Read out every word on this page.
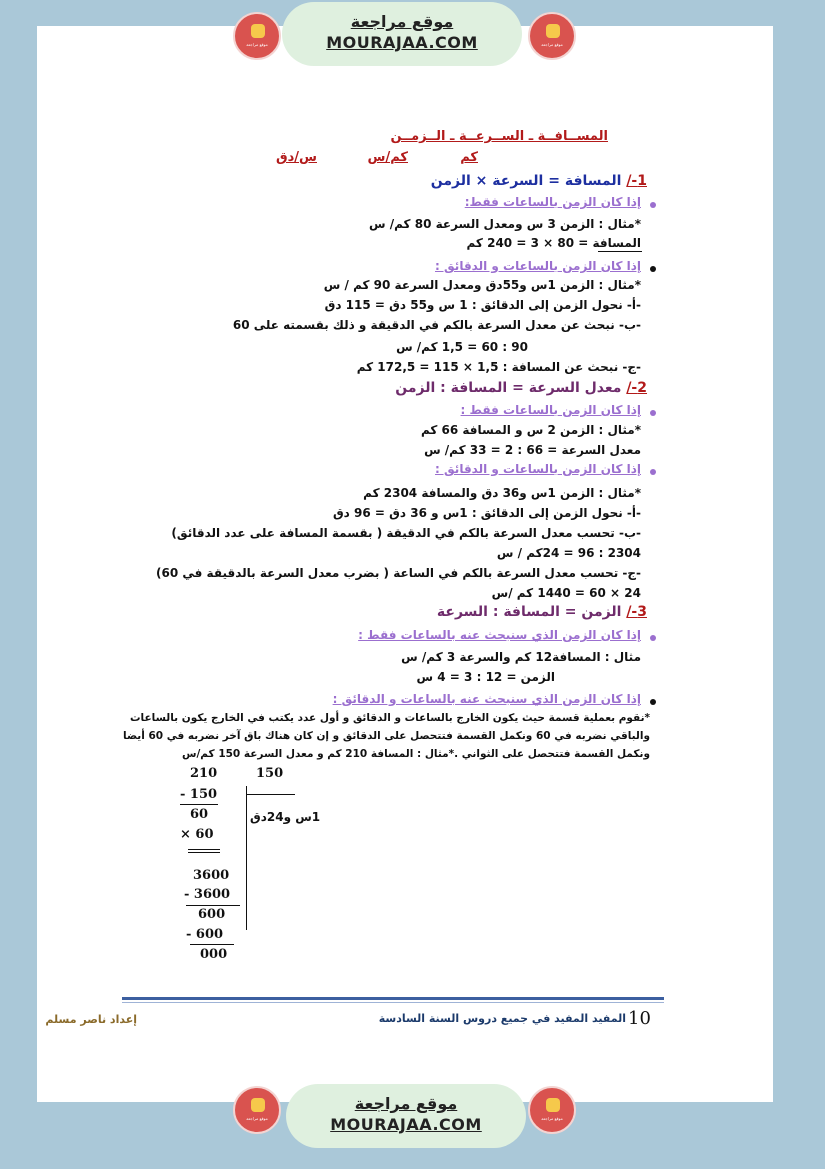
موقع مراجعة
موقع مراجعة
MOURAJAA.COM	موقع مراجعة
المســافــة ـ الســرعــة ـ الــزمــن
كم
كم/س
س/دق
1-/ المسافة = السرعة × الزمن
إذا كان الزمن بالساعات فقط:
*مثال : الزمن 3 س ومعدل السرعة 80 كم/ س
المسافة = 80 × 3 = 240 كم
إذا كان الزمن بالساعات و الدقائق :
*مثال : الزمن 1س و55دق ومعدل السرعة 90 كم / س
-أ- نحول الزمن إلى الدقائق : 1 س و55 دق = 115 دق
-ب- نبحث عن معدل السرعة بالكم في الدقيقة و ذلك بقسمته على 60
90 : 60 = 1,5 كم/ س
-ج- نبحث عن المسافة : 1,5 × 115 = 172,5 كم
2-/ معدل السرعة = المسافة : الزمن
إذا كان الزمن بالساعات فقط :
*مثال : الزمن 2 س و المسافة 66 كم
معدل السرعة = 66 : 2 = 33 كم/ س
إذا كان الزمن بالساعات و الدقائق :
*مثال : الزمن 1س و36 دق والمسافة 2304 كم
-أ- نحول الزمن إلى الدقائق : 1س و 36 دق = 96 دق
-ب- تحسب معدل السرعة بالكم في الدقيقة ( بقسمة المسافة على عدد الدقائق)
2304 : 96 = 24كم / س
-ج- تحسب معدل السرعة بالكم في الساعة ( بضرب معدل السرعة بالدقيقة في 60)
24 × 60 = 1440 كم /س
3-/ الزمن = المسافة : السرعة
إذا كان الزمن الذي سنبحث عنه بالساعات فقط :
مثال : المسافة12 كم والسرعة 3 كم/ س
الزمن = 12 : 3 = 4 س
إذا كان الزمن الذي سنبحث عنه بالساعات و الدقائق :
*نقوم بعملية قسمة حيث يكون الخارج بالساعات و الدقائق و أول عدد يكتب في الخارج يكون بالساعات
والباقي نضربه في 60 ونكمل القسمة فتتحصل على الدقائق و إن كان هناك باق آخر نضربه في 60 أيضا
ونكمل القسمة فتتحصل على الثواني .*مثال : المسافة 210 كم و معدل السرعة 150 كم/س
210	150
- 150
60
× 60
3600
- 3600
600
- 600
000
1س و24دق
10
المفيد المفيد في جميع دروس السنة السادسة
إعداد ناصر مسلم
موقع مراجعة
موقع مراجعة
MOURAJAA.COM	موقع مراجعة
